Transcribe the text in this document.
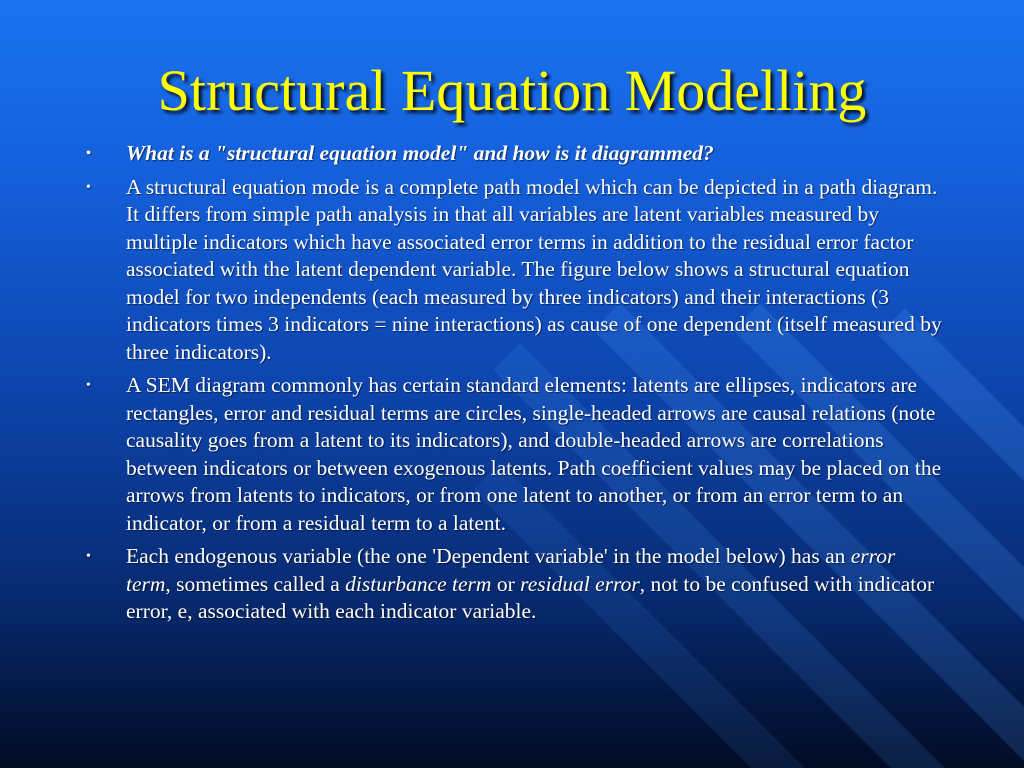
Structural Equation Modelling
• What is a "structural equation model" and how is it diagrammed?
• A structural equation mode is a complete path model which can be depicted in a path diagram. It differs from simple path analysis in that all variables are latent variables measured by multiple indicators which have associated error terms in addition to the residual error factor associated with the latent dependent variable. The figure below shows a structural equation model for two independents (each measured by three indicators) and their interactions (3 indicators times 3 indicators = nine interactions) as cause of one dependent (itself measured by three indicators).
• A SEM diagram commonly has certain standard elements: latents are ellipses, indicators are rectangles, error and residual terms are circles, single-headed arrows are causal relations (note causality goes from a latent to its indicators), and double-headed arrows are correlations between indicators or between exogenous latents. Path coefficient values may be placed on the arrows from latents to indicators, or from one latent to another, or from an error term to an indicator, or from a residual term to a latent.
• Each endogenous variable (the one 'Dependent variable' in the model below) has an error term, sometimes called a disturbance term or residual error, not to be confused with indicator error, e, associated with each indicator variable.
